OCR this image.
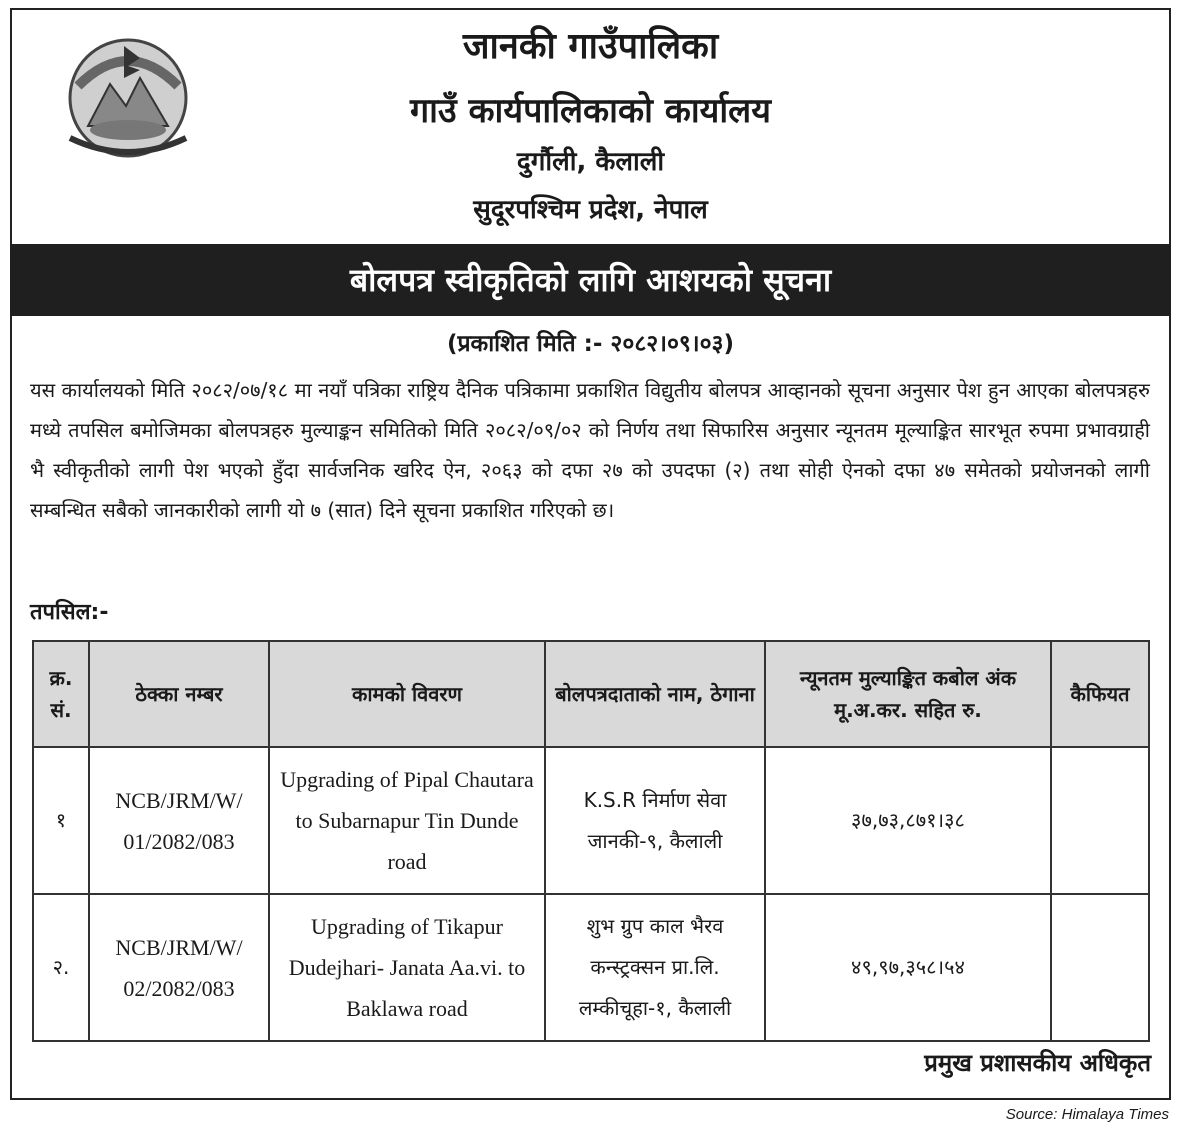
जानकी गाउँपालिका
गाउँ कार्यपालिकाको कार्यालय
दुर्गौली, कैलाली
सुदूरपश्चिम प्रदेश, नेपाल
बोलपत्र स्वीकृतिको लागि आशयको सूचना
(प्रकाशित मिति :- २०८२।०९।०३)
यस कार्यालयको मिति २०८२/०७/१८ मा नयाँ पत्रिका राष्ट्रिय दैनिक पत्रिकामा प्रकाशित विद्युतीय बोलपत्र आव्हानको सूचना अनुसार पेश हुन आएका बोलपत्रहरु मध्ये तपसिल बमोजिमका बोलपत्रहरु मुल्याङ्कन समितिको मिति २०८२/०९/०२ को निर्णय तथा सिफारिस अनुसार न्यूनतम मूल्याङ्कित सारभूत रुपमा प्रभावग्राही भै स्वीकृतीको लागी पेश भएको हुँदा सार्वजनिक खरिद ऐन, २०६३ को दफा २७ को उपदफा (२) तथा सोही ऐनको दफा ४७ समेतको प्रयोजनको लागी सम्बन्धित सबैको जानकारीको लागी यो ७ (सात) दिने सूचना प्रकाशित गरिएको छ।
तपसिल:-
क्र. सं.	ठेक्का नम्बर	कामको विवरण	बोलपत्रदाताको नाम, ठेगाना	न्यूनतम मुल्याङ्कित कबोल अंक मू.अ.कर. सहित रु.	कैफियत
१	NCB/JRM/W/ 01/2082/083	Upgrading of Pipal Chautara to Subarnapur Tin Dunde road	K.S.R निर्माण सेवा जानकी-९, कैलाली	३७,७३,८७१।३८	
२.	NCB/JRM/W/ 02/2082/083	Upgrading of Tikapur Dudejhari- Janata Aa.vi. to Baklawa road	शुभ ग्रुप काल भैरव कन्स्ट्रक्सन प्रा.लि. लम्कीचूहा-१, कैलाली	४९,९७,३५८।५४	
प्रमुख प्रशासकीय अधिकृत
Source: Himalaya Times
